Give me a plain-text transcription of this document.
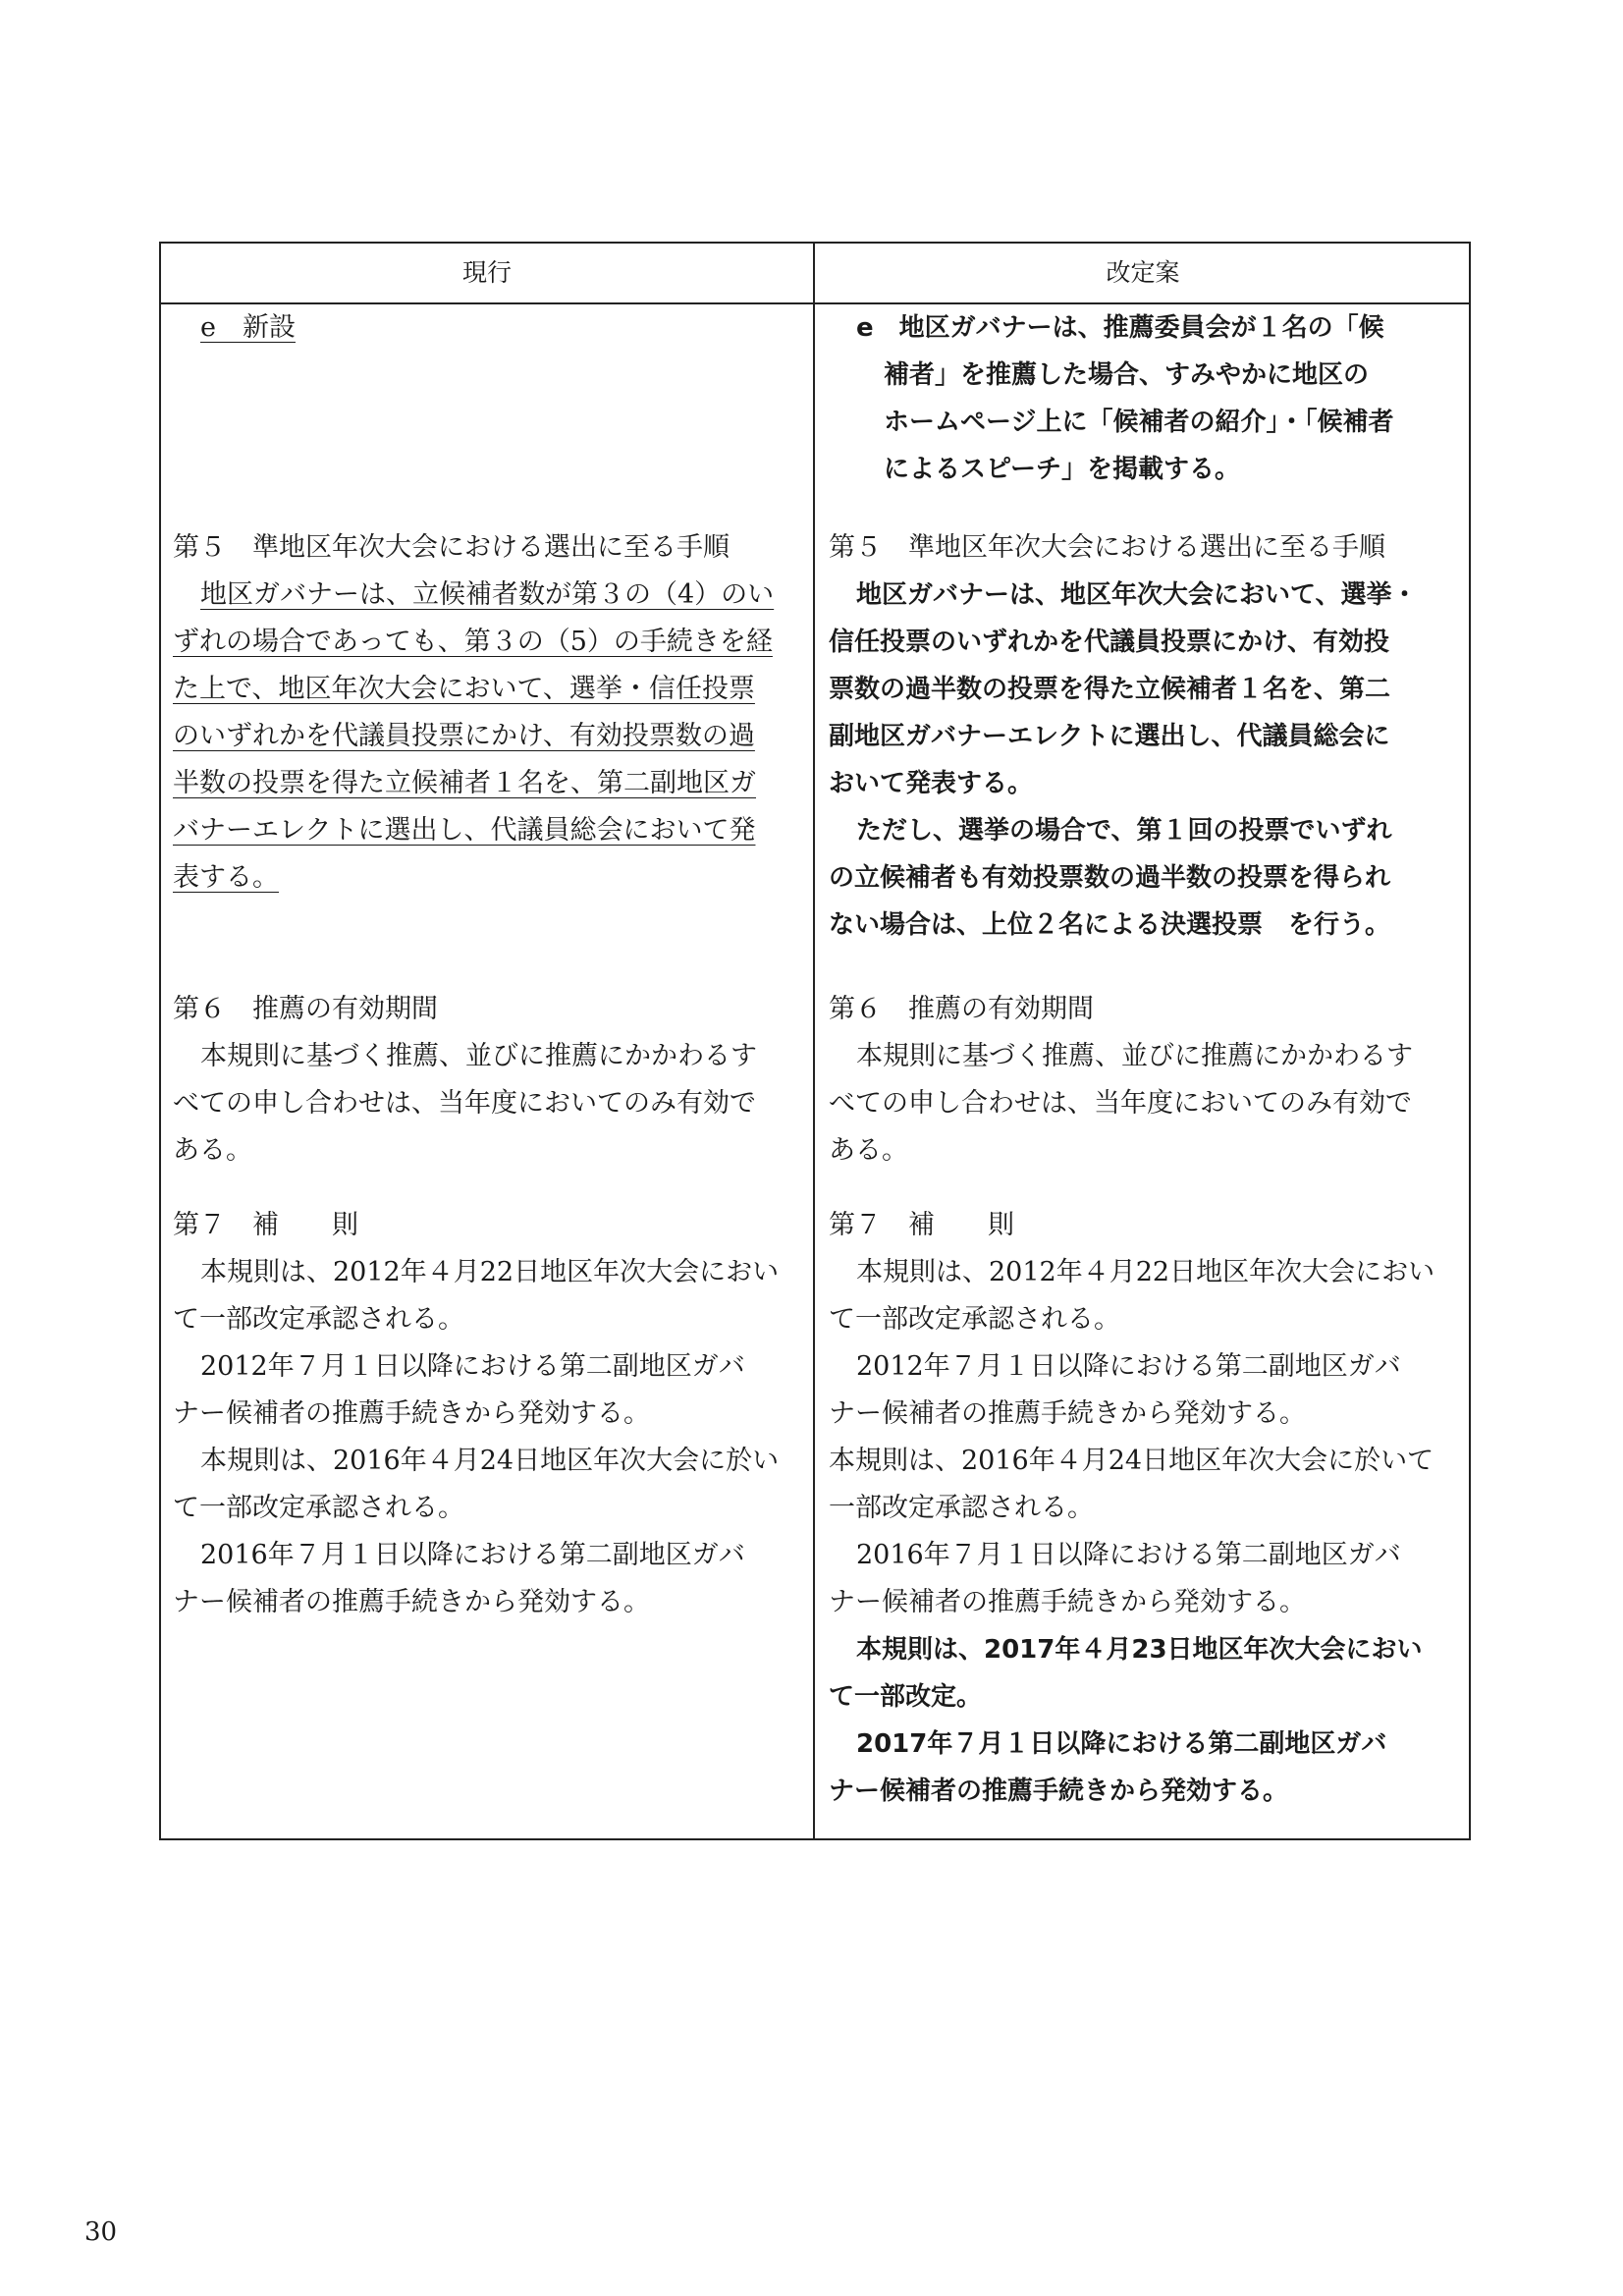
現行	改定案
e　新設
第５　準地区年次大会における選出に至る手順
地区ガバナーは、立候補者数が第３の（4）のい
ずれの場合であっても、第３の（5）の手続きを経
た上で、地区年次大会において、選挙・信任投票
のいずれかを代議員投票にかけ、有効投票数の過
半数の投票を得た立候補者１名を、第二副地区ガ
バナーエレクトに選出し、代議員総会において発
表する。
第６　推薦の有効期間
本規則に基づく推薦、並びに推薦にかかわるす
べての申し合わせは、当年度においてのみ有効で
ある。
第７　補　　則
本規則は、2012年４月22日地区年次大会におい
て一部改定承認される。
2012年７月１日以降における第二副地区ガバ
ナー候補者の推薦手続きから発効する。
本規則は、2016年４月24日地区年次大会に於い
て一部改定承認される。
2016年７月１日以降における第二副地区ガバ
ナー候補者の推薦手続きから発効する。
e　地区ガバナーは、推薦委員会が１名の「候
補者」を推薦した場合、すみやかに地区の
ホームページ上に「候補者の紹介」・「候補者
によるスピーチ」を掲載する。
第５　準地区年次大会における選出に至る手順
地区ガバナーは、地区年次大会において、選挙・
信任投票のいずれかを代議員投票にかけ、有効投
票数の過半数の投票を得た立候補者１名を、第二
副地区ガバナーエレクトに選出し、代議員総会に
おいて発表する。
ただし、選挙の場合で、第１回の投票でいずれ
の立候補者も有効投票数の過半数の投票を得られ
ない場合は、上位２名による決選投票　を行う。
第６　推薦の有効期間
本規則に基づく推薦、並びに推薦にかかわるす
べての申し合わせは、当年度においてのみ有効で
ある。
第７　補　　則
本規則は、2012年４月22日地区年次大会におい
て一部改定承認される。
2012年７月１日以降における第二副地区ガバ
ナー候補者の推薦手続きから発効する。
本規則は、2016年４月24日地区年次大会に於いて
一部改定承認される。
2016年７月１日以降における第二副地区ガバ
ナー候補者の推薦手続きから発効する。
本規則は、2017年４月23日地区年次大会におい
て一部改定。
2017年７月１日以降における第二副地区ガバ
ナー候補者の推薦手続きから発効する。
30
